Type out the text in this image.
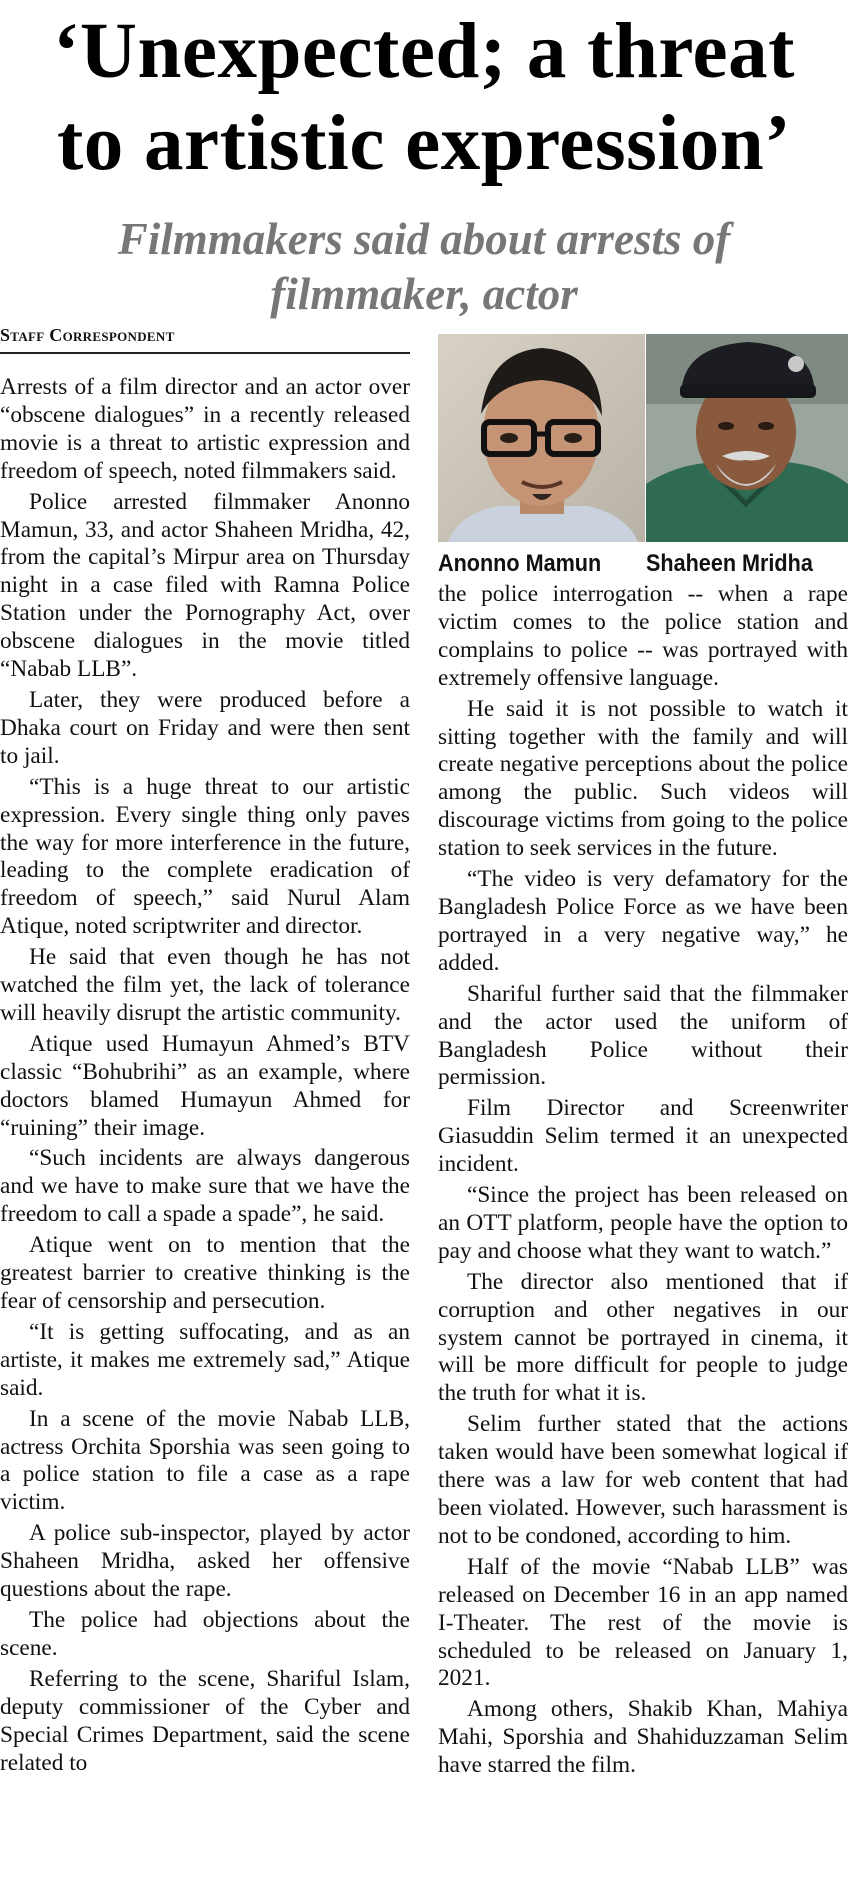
‘Unexpected; a threat
to artistic expression’
Filmmakers said about arrests of
filmmaker, actor
Staff Correspondent

Arrests of a film director and an actor over “obscene dialogues” in a recently released movie is a threat to artistic expression and freedom of speech, noted filmmakers said.

Police arrested filmmaker Anonno Mamun, 33, and actor Shaheen Mridha, 42, from the capital’s Mirpur area on Thursday night in a case filed with Ramna Police Station under the Pornography Act, over obscene dialogues in the movie titled “Nabab LLB”.

Later, they were produced before a Dhaka court on Friday and were then sent to jail.

“This is a huge threat to our artistic expression. Every single thing only paves the way for more interference in the future, leading to the complete eradication of freedom of speech,” said Nurul Alam Atique, noted scriptwriter and director.

He said that even though he has not watched the film yet, the lack of tolerance will heavily disrupt the artistic community.

Atique used Humayun Ahmed’s BTV classic “Bohubrihi” as an example, where doctors blamed Humayun Ahmed for “ruining” their image.

“Such incidents are always dangerous and we have to make sure that we have the freedom to call a spade a spade”, he said.

Atique went on to mention that the greatest barrier to creative thinking is the fear of censorship and persecution.

“It is getting suffocating, and as an artiste, it makes me extremely sad,” Atique said.

In a scene of the movie Nabab LLB, actress Orchita Sporshia was seen going to a police station to file a case as a rape victim.

A police sub-inspector, played by actor Shaheen Mridha, asked her offensive questions about the rape.

The police had objections about the scene.

Referring to the scene, Shariful Islam, deputy commissioner of the Cyber and Special Crimes Department, said the scene related to

Anonno Mamun Shaheen Mridha

the police interrogation -- when a rape victim comes to the police station and complains to police -- was portrayed with extremely offensive language.

He said it is not possible to watch it sitting together with the family and will create negative perceptions about the police among the public. Such videos will discourage victims from going to the police station to seek services in the future.

“The video is very defamatory for the Bangladesh Police Force as we have been portrayed in a very negative way,” he added.

Shariful further said that the filmmaker and the actor used the uniform of Bangladesh Police without their permission.

Film Director and Screenwriter Giasuddin Selim termed it an unexpected incident.

“Since the project has been released on an OTT platform, people have the option to pay and choose what they want to watch.”

The director also mentioned that if corruption and other negatives in our system cannot be portrayed in cinema, it will be more difficult for people to judge the truth for what it is.

Selim further stated that the actions taken would have been somewhat logical if there was a law for web content that had been violated. However, such harassment is not to be condoned, according to him.

Half of the movie “Nabab LLB” was released on December 16 in an app named I-Theater. The rest of the movie is scheduled to be released on January 1, 2021.

Among others, Shakib Khan, Mahiya Mahi, Sporshia and Shahiduzzaman Selim have starred the film.
